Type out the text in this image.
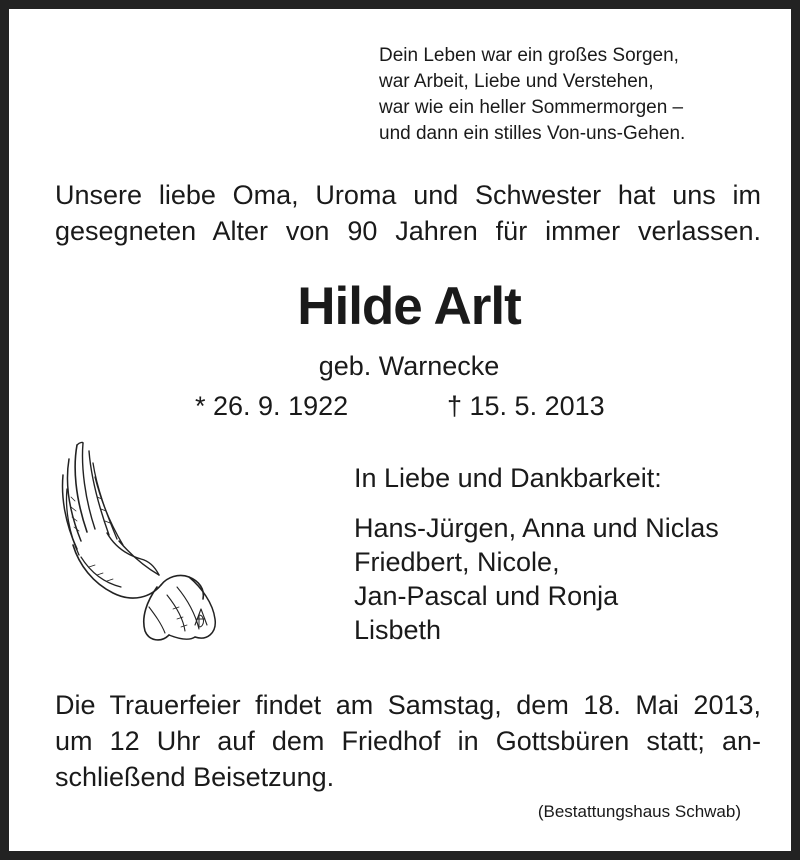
Dein Leben war ein großes Sorgen,
war Arbeit, Liebe und Verstehen,
war wie ein heller Sommermorgen –
und dann ein stilles Von-uns-Gehen.
Unsere liebe Oma, Uroma und Schwester hat uns im
gesegneten Alter von 90 Jahren für immer verlassen.
Hilde Arlt
geb. Warnecke
* 26. 9. 1922	† 15. 5. 2013
In Liebe und Dankbarkeit:
Hans-Jürgen, Anna und Niclas
Friedbert, Nicole,
Jan-Pascal und Ronja
Lisbeth
Die Trauerfeier findet am Samstag, dem 18. Mai 2013,
um 12 Uhr auf dem Friedhof in Gottsbüren statt; an-
schließend Beisetzung.
(Bestattungshaus Schwab)
